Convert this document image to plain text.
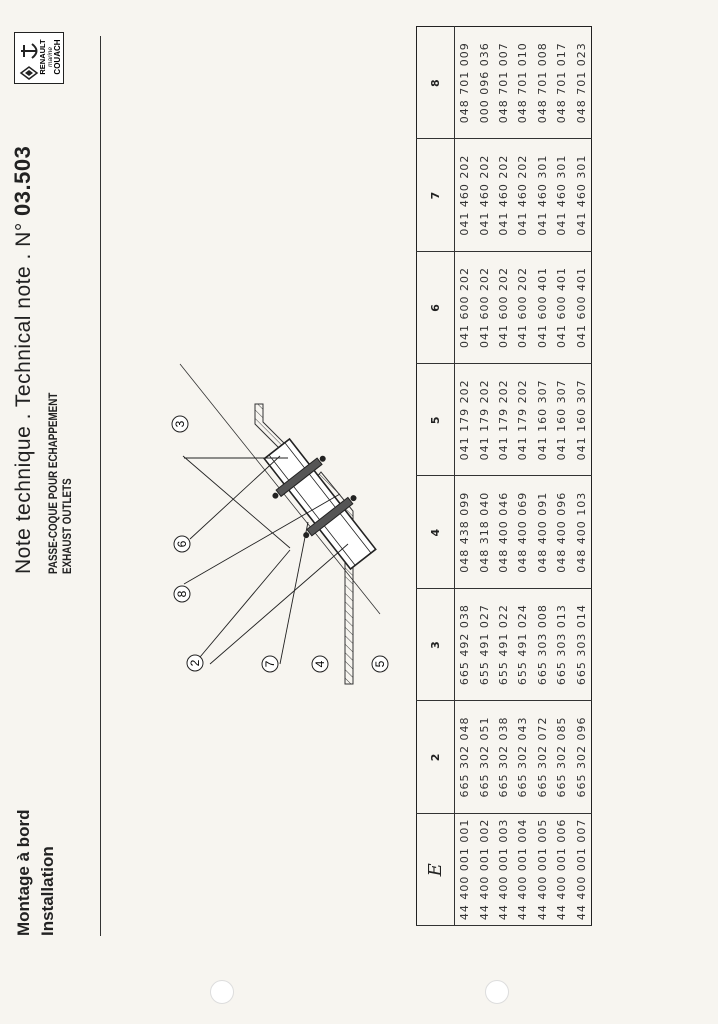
Montage à bord Installation
Note technique . Technical note . N° 03.503
PASSE-COQUE POUR ECHAPPEMENT EXHAUST OUTLETS
RENAULT marine COUACH
2	7	4	5
3
6
8
E	2	3	4	5	6	7	8
44 400 001 001	665 302 048	665 492 038	048 438 099	041 179 202	041 600 202	041 460 202	048 701 009
44 400 001 002	665 302 051	655 491 027	048 318 040	041 179 202	041 600 202	041 460 202	000 096 036
44 400 001 003	665 302 038	655 491 022	048 400 046	041 179 202	041 600 202	041 460 202	048 701 007
44 400 001 004	665 302 043	655 491 024	048 400 069	041 179 202	041 600 202	041 460 202	048 701 010
44 400 001 005	665 302 072	665 303 008	048 400 091	041 160 307	041 600 401	041 460 301	048 701 008
44 400 001 006	665 302 085	665 303 013	048 400 096	041 160 307	041 600 401	041 460 301	048 701 017
44 400 001 007	665 302 096	665 303 014	048 400 103	041 160 307	041 600 401	041 460 301	048 701 023
